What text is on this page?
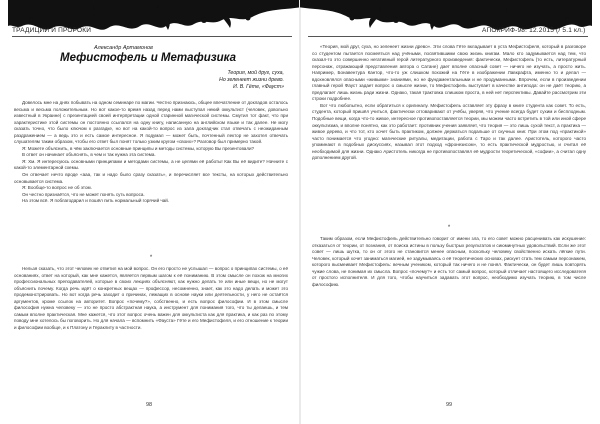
ТРАДИЦИИ И ПРОРОКИ
Александр Артамонов
Мефистофель и Метафизика
Теория, мой друг, суха,
Но зеленеет жизни древо.
И. В. Гёте, «Фауст»

Довелось мне на днях побывать на одном семинаре по магии. Честно признаюсь, общее впечатление от докладов осталось весьма и весьма положительным. Но вот какое-то время назад перед нами выступал некий оккультист (человек, довольно известный в Украине) с презентацией своей интерпретации одной старинной магической системы. Смутил тот факт, что при характеристике этой системы он постоянно ссылался на одну книгу, написанную на английском языке и так далее. Не могу сказать точно, что было ключом к разгадке, но вот на какой-то вопрос из зала докладчик стал отвечать с неожиданным раздражением — а ведь это и есть самое интересное. Я подумал — может быть, почтенный лектор не захотел отвечать слушателям таким образом, чтобы его ответ был понят только узким кругом «своих»? Разговор был примерно такой.

Я: Можете объяснить, в чём заключается основные принципы и методы системы, которую Вы презентовали?

В ответ он начинает объяснять, в чем и так нужна эта система.

Я: Хм. Я интересуюсь основными принципами и методами системы, а не целями её работы! Как Вы её видите? Начните с какой-то элементарной схемы.

Он отвечает нечто вроде «ааа, так и надо было сразу сказать», и перечисляет все тексты, на которых действительно основывается система.

Я: Вообще-то вопрос не об этом.

Он честно признаётся, что не может понять суть вопроса.

На этом всё. Я поблагодарил и пошёл пить нормальный горячий чай.

*

Нельзя сказать, что этот человек не ответил на мой вопрос. Он его просто не услышал — вопрос о принципах системы, о её основаниях, ответ на который, как мне кажется, является первым шагом к её пониманию. В этом смысле он похож на многих профессиональных преподавателей, которые в своих лекциях объясняют, как нужно делать те или иные вещи, но не могут объяснить почему. Когда речь идёт о конкретных вещах — профессор, несомненно, знает, как это надо делать и может это продемонстрировать. Но вот когда речь заходит о причинах, лежащих в основе науки или деятельности, у него не остаётся аргументов, кроме ссылок на авторитет. Вопрос «почему?», собственно, и есть вопрос философии. И в этом смысле философия нужна человеку — это не просто абстрактная наука, а инструмент для понимания того, что ты делаешь, и тем самым вполне практическая. Мне кажется, что этот вопрос очень важен для оккультиста как для практика, и как раз по этому поводу мне хотелось бы поговорить. Но для начала — вспомнить «Фауста» Гёте и его Мефистофеля, и его отношение к теории и философии вообще, и к Платону и Гераклиту в частности.

98
АПОКРИФ-98: 12.2015 (/ 5.1 кл.)

«Теория, мой друг, суха, но зеленеет жизни древо». Эти слова Гёте вкладывает в уста Мефистофеля, который в разговоре со студентом пытается посмеяться над учёными, посвятившими свою жизнь книгам. Мало кто задумывается над тем, что сказал-то это совершенно негативный герой литературного произведения: фактически, Мефистофель (то есть, литературный персонаж, отражающий представления автора о Сатане) дает вполне опасный совет — ничего не изучать, а просто жить. Например, Бонавентура Кантор, что-то уж слишком похожий на Гёте в изображении Лавкрафта, именно то и делал — вдохновлялся опасными «живыми» знаниями, но не фундаментальными и не продуманными. Впрочем, если в произведении главный герой Фауст задает вопрос о смысле жизни, то Мефистофель выступает в качестве антипода: он не даёт теорию, а предлагает лишь жизнь ради жизни. Однако, такая трактовка слишком проста, в ней нет перспективы. Давайте рассмотрим эти строки подробнее.

Вот что любопытно, если обратиться к оригиналу. Мефистофель оставляет эту фразу в книге студента как совет. То есть, студента, который пришёл учиться, фактически отговаривают от учёбы, уверяя, что учение всегда будет сухим и бесплодным. Подобные вещи, когда что-то живое, интересное противопоставляется теории, мы можем часто встретить в той или иной сфере оккультизма, и вполне понятно, как это работает: противник учения заявляет, что теория — это лишь сухой текст, а практика — живое дерево, и что тот, кто хочет быть практиком, должен держаться подальше от скучных книг. При этом под «практикой» часто понимается что угодно: магические ритуалы, медитации, работа с Таро и так далее. Аристотель, которого часто упоминают в подобных дискуссиях, называл этот подход «фронезисом», то есть практической мудростью, и считал её необходимой для жизни. Однако Аристотель никогда не противопоставлял её мудрости теоретической, «софии», а считал одну дополнением другой.

*

Таким образом, если Мефистофель действительно говорит от имени зла, то его совет можно расценивать как искушение: отказаться от теории, от познания, от поиска истины в пользу быстрых результатов и сиюминутных удовольствий. Если же этот совет — лишь шутка, то он от этого не становится менее опасным, поскольку человеку свойственно искать лёгкие пути. Человек, который хочет заниматься магией, не задумываясь о её теоретических основах, рискует стать тем самым персонажем, которого высмеивает Мефистофель: вечным учеником, который так ничего и не понял. Фактически, он будет лишь повторять чужие слова, не понимая их смысла. Вопрос «почему?» и есть тот самый вопрос, который отличает настоящего исследователя от простого исполнителя. И для того, чтобы научиться задавать этот вопрос, необходимо изучать теорию, в том числе философию.

99
